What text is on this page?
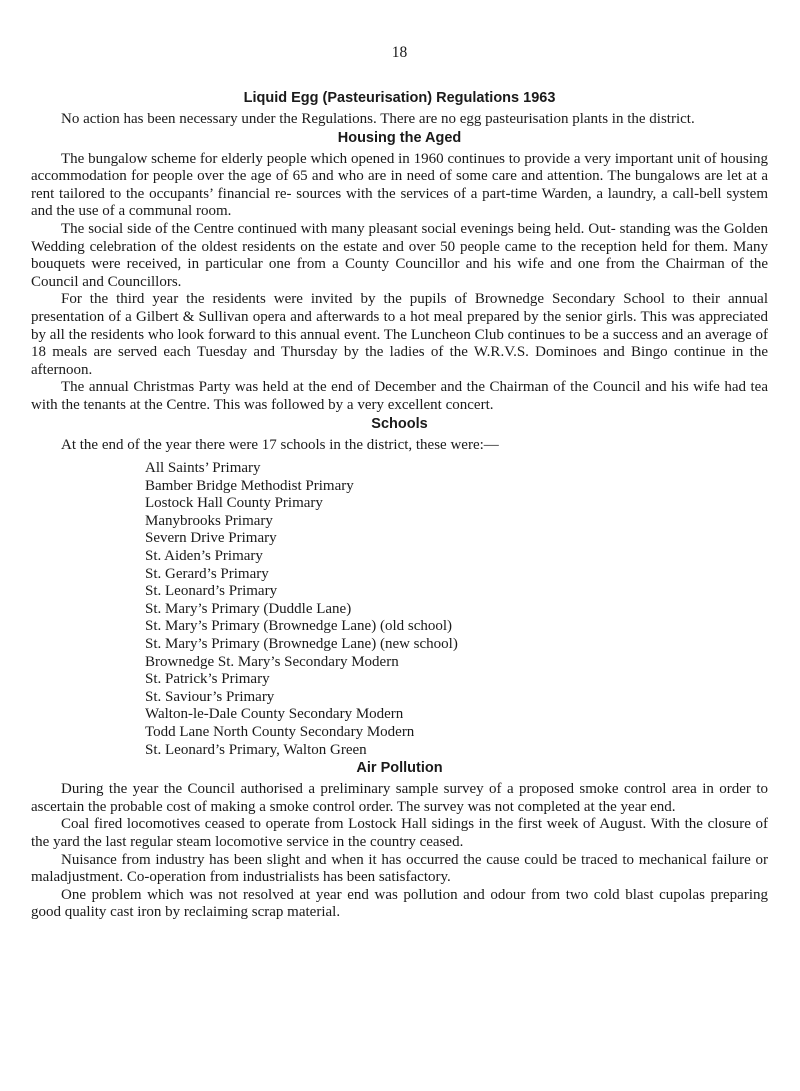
18
Liquid Egg (Pasteurisation) Regulations 1963

No action has been necessary under the Regulations. There are no egg pasteurisation plants in the district.

Housing the Aged

The bungalow scheme for elderly people which opened in 1960 continues to provide a very important unit of housing accommodation for people over the age of 65 and who are in need of some care and attention. The bungalows are let at a rent tailored to the occupants’ financial re- sources with the services of a part-time Warden, a laundry, a call-bell system and the use of a communal room.

The social side of the Centre continued with many pleasant social evenings being held. Out- standing was the Golden Wedding celebration of the oldest residents on the estate and over 50 people came to the reception held for them. Many bouquets were received, in particular one from a County Councillor and his wife and one from the Chairman of the Council and Councillors.

For the third year the residents were invited by the pupils of Brownedge Secondary School to their annual presentation of a Gilbert & Sullivan opera and afterwards to a hot meal prepared by the senior girls. This was appreciated by all the residents who look forward to this annual event. The Luncheon Club continues to be a success and an average of 18 meals are served each Tuesday and Thursday by the ladies of the W.R.V.S. Dominoes and Bingo continue in the afternoon.

The annual Christmas Party was held at the end of December and the Chairman of the Council and his wife had tea with the tenants at the Centre. This was followed by a very excellent concert.

Schools

At the end of the year there were 17 schools in the district, these were:—

All Saints’ Primary
Bamber Bridge Methodist Primary
Lostock Hall County Primary
Manybrooks Primary
Severn Drive Primary
St. Aiden’s Primary
St. Gerard’s Primary
St. Leonard’s Primary
St. Mary’s Primary (Duddle Lane)
St. Mary’s Primary (Brownedge Lane) (old school)
St. Mary’s Primary (Brownedge Lane) (new school)
Brownedge St. Mary’s Secondary Modern
St. Patrick’s Primary
St. Saviour’s Primary
Walton-le-Dale County Secondary Modern
Todd Lane North County Secondary Modern
St. Leonard’s Primary, Walton Green
Air Pollution

During the year the Council authorised a preliminary sample survey of a proposed smoke control area in order to ascertain the probable cost of making a smoke control order. The survey was not completed at the year end.

Coal fired locomotives ceased to operate from Lostock Hall sidings in the first week of August. With the closure of the yard the last regular steam locomotive service in the country ceased.

Nuisance from industry has been slight and when it has occurred the cause could be traced to mechanical failure or maladjustment. Co-operation from industrialists has been satisfactory.

One problem which was not resolved at year end was pollution and odour from two cold blast cupolas preparing good quality cast iron by reclaiming scrap material.
